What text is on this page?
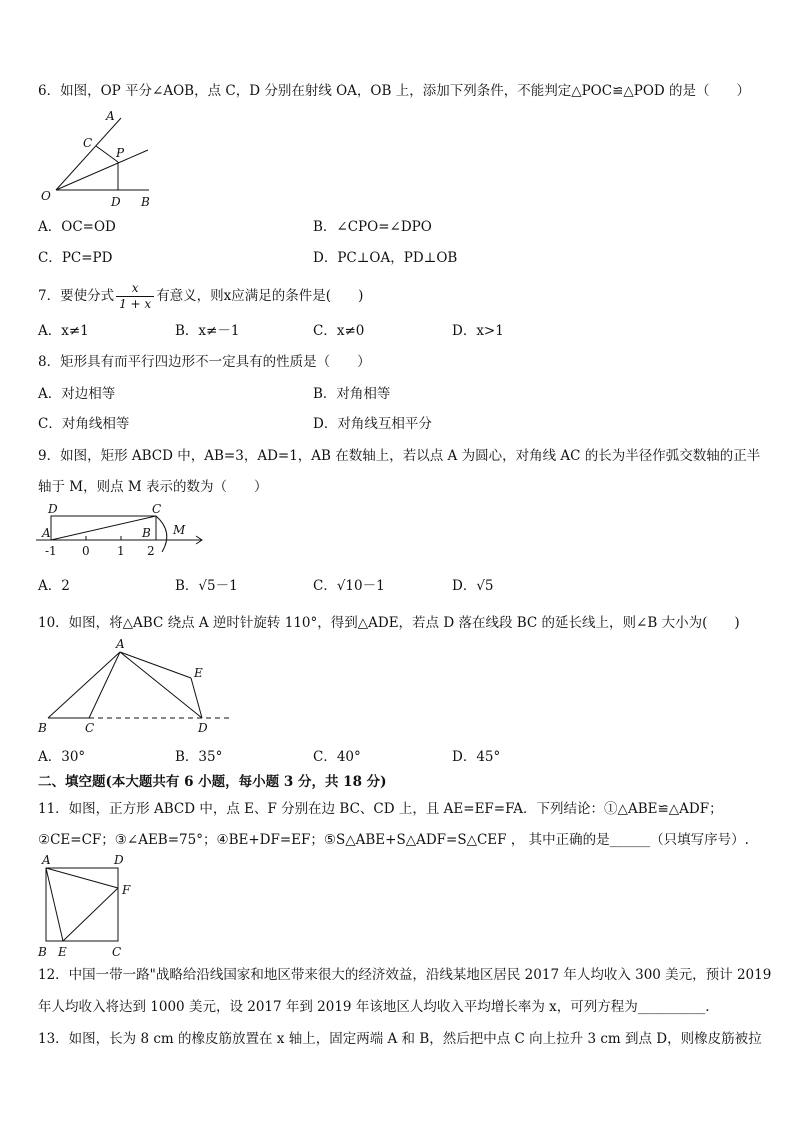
6．如图，OP 平分∠AOB，点 C，D 分别在射线 OA，OB 上，添加下列条件，不能判定△POC≌△POD 的是（　　）
A
C
P
O	D B
A．OC=OD	B．∠CPO=∠DPO
C．PC=PD	D．PC⊥OA，PD⊥OB
7．要使分式 $\frac{x}{1 + x}$ 有意义，则x应满足的条件是(　　)
A．x≠1	B．x≠－1	C．x≠0	D．x>1
8．矩形具有而平行四边形不一定具有的性质是（　　）
A．对边相等	B．对角相等
C．对角线相等	D．对角线互相平分
9．如图，矩形 ABCD 中，AB=3，AD=1，AB 在数轴上，若以点 A 为圆心，对角线 AC 的长为半径作弧交数轴的正半
轴于 M，则点 M 表示的数为（　　）
D	C
A	B M
-1 0 1 2
A．2	B．√5－1	C．√10－1	D．√5
10．如图，将△ABC 绕点 A 逆时针旋转 110°，得到△ADE，若点 D 落在线段 BC 的延长线上，则∠B 大小为(　　)
A
E
B	C	D
A．30°	B．35°	C．40°	D．45°
二、填空题(本大题共有 6 小题，每小题 3 分，共 18 分)
11．如图，正方形 ABCD 中，点 E、F 分别在边 BC、CD 上，且 AE=EF=FA．下列结论：①△ABE≌△ADF；
②CE=CF；③∠AEB=75°；④BE+DF=EF；⑤S△ABE+S△ADF=S△CEF ， 其中正确的是______（只填写序号）.
A	D
F
B E	C
12．中国一带一路"战略给沿线国家和地区带来很大的经济效益，沿线某地区居民 2017 年人均收入 300 美元，预计 2019
年人均收入将达到 1000 美元，设 2017 年到 2019 年该地区人均收入平均增长率为 x，可列方程为__________.
13．如图，长为 8 cm 的橡皮筋放置在 x 轴上，固定两端 A 和 B，然后把中点 C 向上拉升 3 cm 到点 D，则橡皮筋被拉
